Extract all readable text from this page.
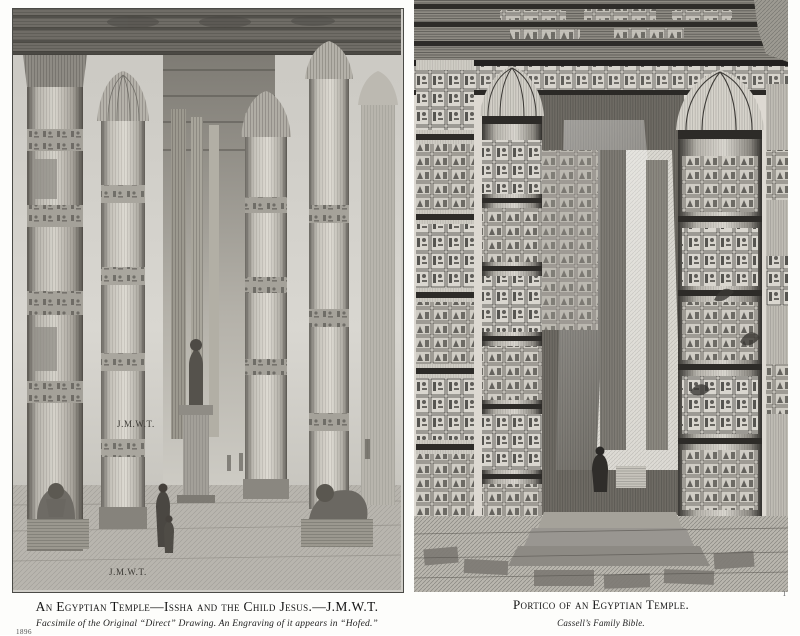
J.M.W.T.
J.M.W.T.
An Egyptian Temple—Issha and the Child Jesus.—J.M.W.T.
Facsimile of the Original “Direct” Drawing. An Engraving of it appears in “Hofed.”
1896
Portico of an Egyptian Temple.
Cassell’s Family Bible.
1
